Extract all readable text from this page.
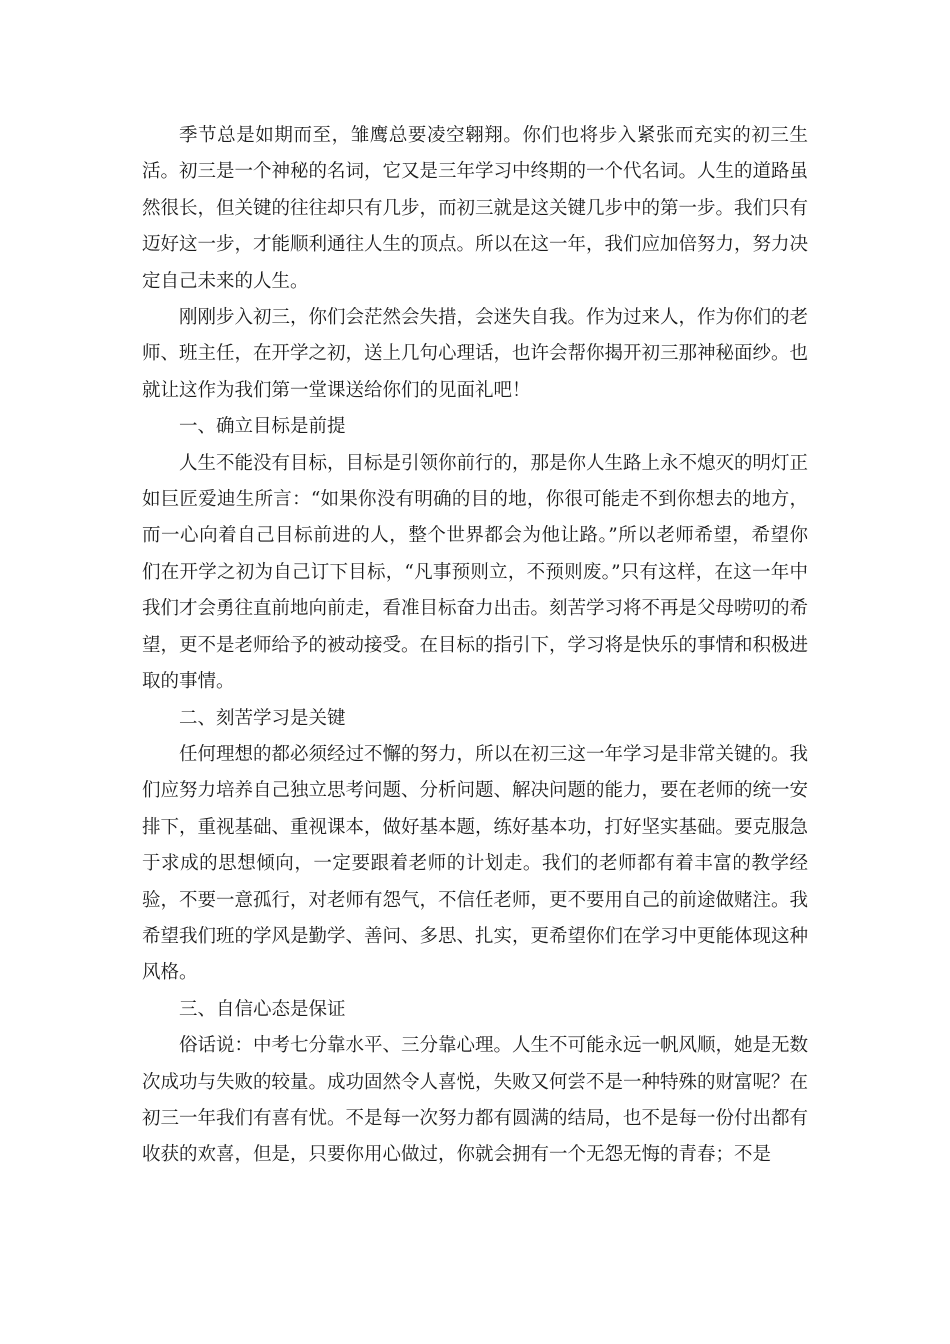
季节总是如期而至，雏鹰总要凌空翱翔。你们也将步入紧张而充实的初三生活。初三是一个神秘的名词，它又是三年学习中终期的一个代名词。人生的道路虽然很长，但关键的往往却只有几步，而初三就是这关键几步中的第一步。我们只有迈好这一步，才能顺利通往人生的顶点。所以在这一年，我们应加倍努力，努力决定自己未来的人生。

刚刚步入初三，你们会茫然会失措，会迷失自我。作为过来人，作为你们的老师、班主任，在开学之初，送上几句心理话，也许会帮你揭开初三那神秘面纱。也就让这作为我们第一堂课送给你们的见面礼吧！

一、确立目标是前提

人生不能没有目标，目标是引领你前行的，那是你人生路上永不熄灭的明灯正如巨匠爱迪生所言：“如果你没有明确的目的地，你很可能走不到你想去的地方，而一心向着自己目标前进的人，整个世界都会为他让路。”所以老师希望，希望你们在开学之初为自己订下目标，“凡事预则立，不预则废。”只有这样，在这一年中我们才会勇往直前地向前走，看准目标奋力出击。刻苦学习将不再是父母唠叨的希望，更不是老师给予的被动接受。在目标的指引下，学习将是快乐的事情和积极进取的事情。

二、刻苦学习是关键

任何理想的都必须经过不懈的努力，所以在初三这一年学习是非常关键的。我们应努力培养自己独立思考问题、分析问题、解决问题的能力，要在老师的统一安排下，重视基础、重视课本，做好基本题，练好基本功，打好坚实基础。要克服急于求成的思想倾向，一定要跟着老师的计划走。我们的老师都有着丰富的教学经验，不要一意孤行，对老师有怨气，不信任老师，更不要用自己的前途做赌注。我希望我们班的学风是勤学、善问、多思、扎实，更希望你们在学习中更能体现这种风格。

三、自信心态是保证

俗话说：中考七分靠水平、三分靠心理。人生不可能永远一帆风顺，她是无数次成功与失败的较量。成功固然令人喜悦，失败又何尝不是一种特殊的财富呢？在初三一年我们有喜有忧。不是每一次努力都有圆满的结局，也不是每一份付出都有收获的欢喜，但是，只要你用心做过，你就会拥有一个无怨无悔的青春；不是
